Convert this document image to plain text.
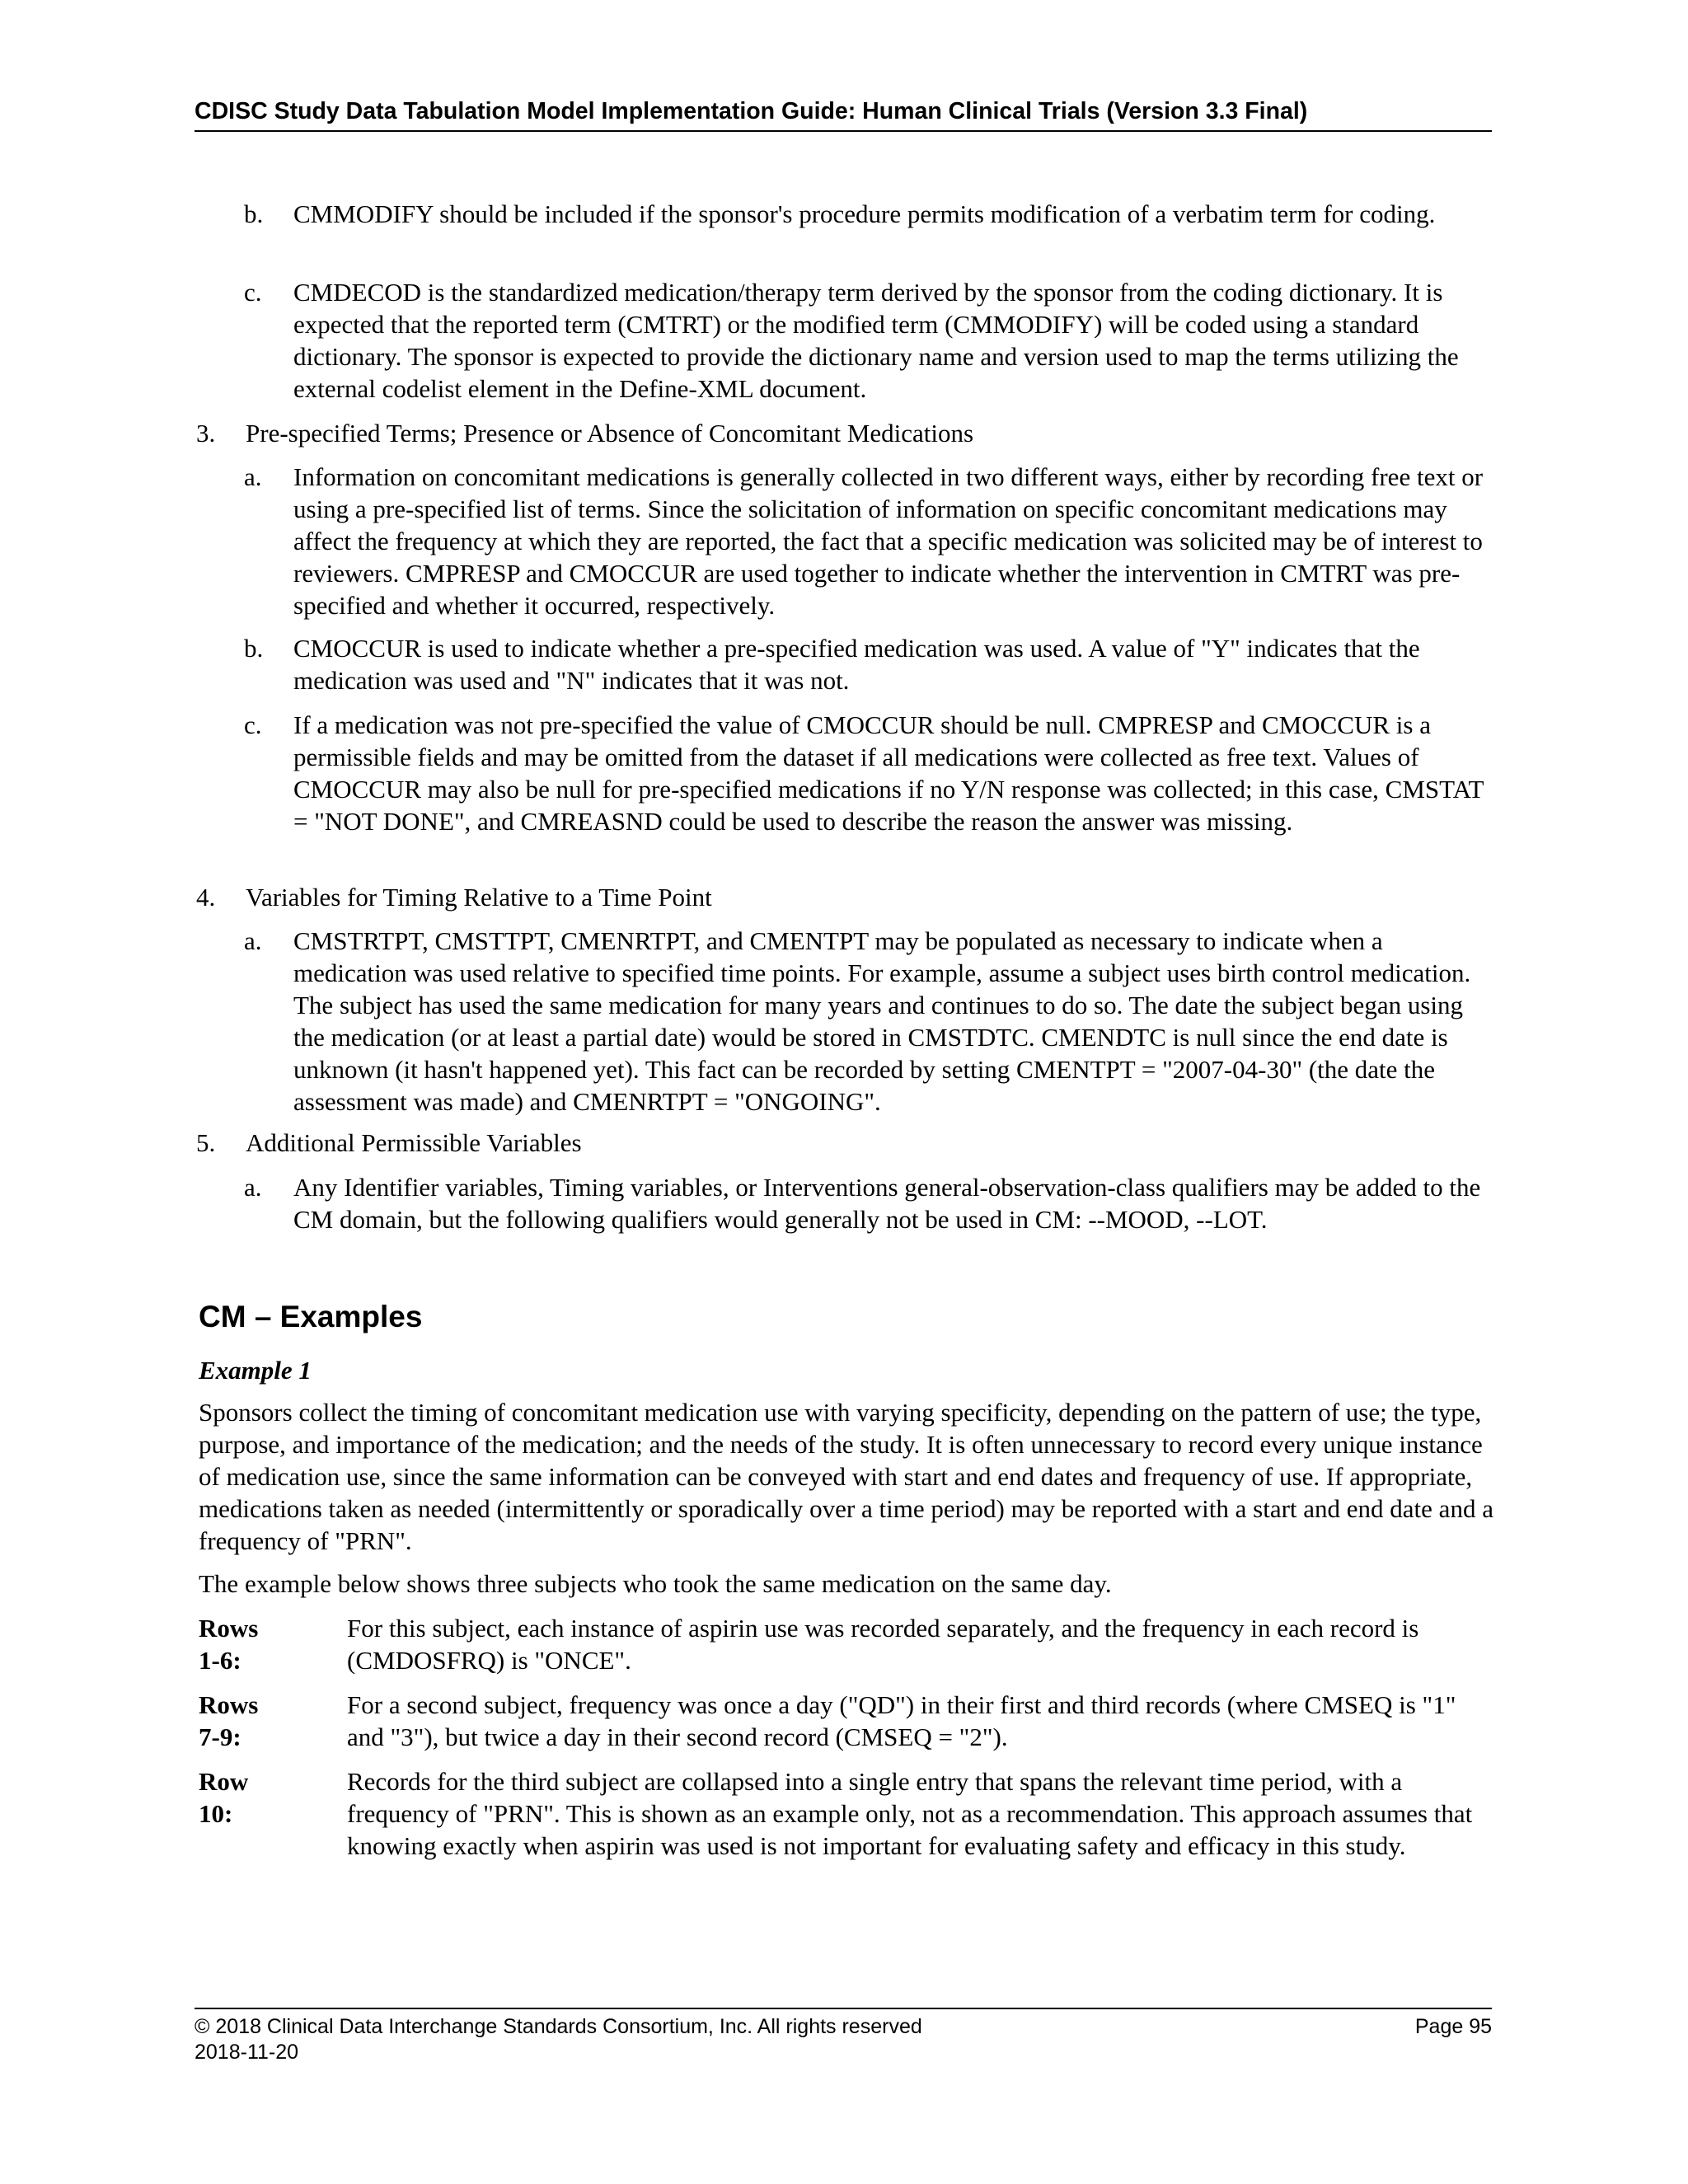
CDISC Study Data Tabulation Model Implementation Guide: Human Clinical Trials (Version 3.3 Final)
b. CMMODIFY should be included if the sponsor's procedure permits modification of a verbatim term for coding.
c. CMDECOD is the standardized medication/therapy term derived by the sponsor from the coding dictionary. It is expected that the reported term (CMTRT) or the modified term (CMMODIFY) will be coded using a standard dictionary. The sponsor is expected to provide the dictionary name and version used to map the terms utilizing the external codelist element in the Define-XML document.
3. Pre-specified Terms; Presence or Absence of Concomitant Medications
a. Information on concomitant medications is generally collected in two different ways, either by recording free text or using a pre-specified list of terms. Since the solicitation of information on specific concomitant medications may affect the frequency at which they are reported, the fact that a specific medication was solicited may be of interest to reviewers. CMPRESP and CMOCCUR are used together to indicate whether the intervention in CMTRT was pre-specified and whether it occurred, respectively.
b. CMOCCUR is used to indicate whether a pre-specified medication was used. A value of "Y" indicates that the medication was used and "N" indicates that it was not.
c. If a medication was not pre-specified the value of CMOCCUR should be null. CMPRESP and CMOCCUR is a permissible fields and may be omitted from the dataset if all medications were collected as free text. Values of CMOCCUR may also be null for pre-specified medications if no Y/N response was collected; in this case, CMSTAT = "NOT DONE", and CMREASND could be used to describe the reason the answer was missing.
4. Variables for Timing Relative to a Time Point
a. CMSTRTPT, CMSTTPT, CMENRTPT, and CMENTPT may be populated as necessary to indicate when a medication was used relative to specified time points. For example, assume a subject uses birth control medication. The subject has used the same medication for many years and continues to do so. The date the subject began using the medication (or at least a partial date) would be stored in CMSTDTC. CMENDTC is null since the end date is unknown (it hasn't happened yet). This fact can be recorded by setting CMENTPT = "2007-04-30" (the date the assessment was made) and CMENRTPT = "ONGOING".
5. Additional Permissible Variables
a. Any Identifier variables, Timing variables, or Interventions general-observation-class qualifiers may be added to the CM domain, but the following qualifiers would generally not be used in CM: --MOOD, --LOT.
CM – Examples
Example 1
Sponsors collect the timing of concomitant medication use with varying specificity, depending on the pattern of use; the type, purpose, and importance of the medication; and the needs of the study. It is often unnecessary to record every unique instance of medication use, since the same information can be conveyed with start and end dates and frequency of use. If appropriate, medications taken as needed (intermittently or sporadically over a time period) may be reported with a start and end date and a frequency of "PRN".
The example below shows three subjects who took the same medication on the same day.
Rows 1-6:
For this subject, each instance of aspirin use was recorded separately, and the frequency in each record is (CMDOSFRQ) is "ONCE".
Rows 7-9:
For a second subject, frequency was once a day ("QD") in their first and third records (where CMSEQ is "1" and "3"), but twice a day in their second record (CMSEQ = "2").
Row 10:
Records for the third subject are collapsed into a single entry that spans the relevant time period, with a frequency of "PRN". This is shown as an example only, not as a recommendation. This approach assumes that knowing exactly when aspirin was used is not important for evaluating safety and efficacy in this study.
© 2018 Clinical Data Interchange Standards Consortium, Inc. All rights reserved
2018-11-20
Page 95
